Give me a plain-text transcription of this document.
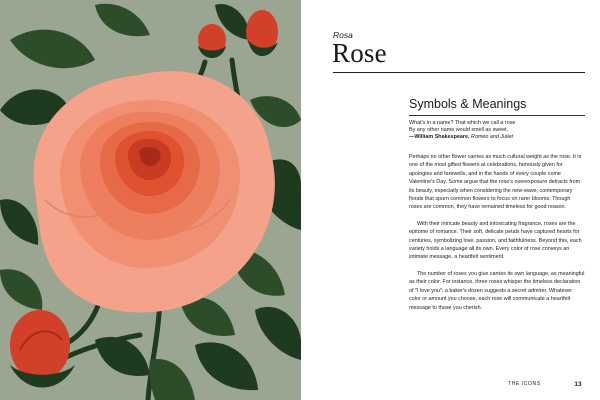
Rosa
Rose
Symbols & Meanings
What's in a name? That which we call a rose
By any other name would smell as sweet.
—William Shakespeare, Romeo and Juliet

Perhaps no other flower carries as much cultural weight as the rose. It is one of the most gifted flowers at celebrations, famously given for apologies and farewells, and in the hands of every couple come Valentine's Day. Some argue that the rose's overexposure detracts from its beauty, especially when considering the new-wave, contemporary florals that spurn common flowers to focus on rarer blooms. Though roses are common, they have remained timeless for good reason.

With their intricate beauty and intoxicating fragrance, roses are the epitome of romance. Their soft, delicate petals have captured hearts for centuries, symbolizing love, passion, and faithfulness. Beyond this, each variety holds a language all its own. Every color of rose conveys an intimate message, a heartfelt sentiment.

The number of roses you give carries its own language, as meaningful as their color. For instance, three roses whisper the timeless declaration of "I love you"; a baker's dozen suggests a secret admirer. Whatever color or amount you choose, each rose will communicate a heartfelt message to those you cherish.

THE ICONS	13
